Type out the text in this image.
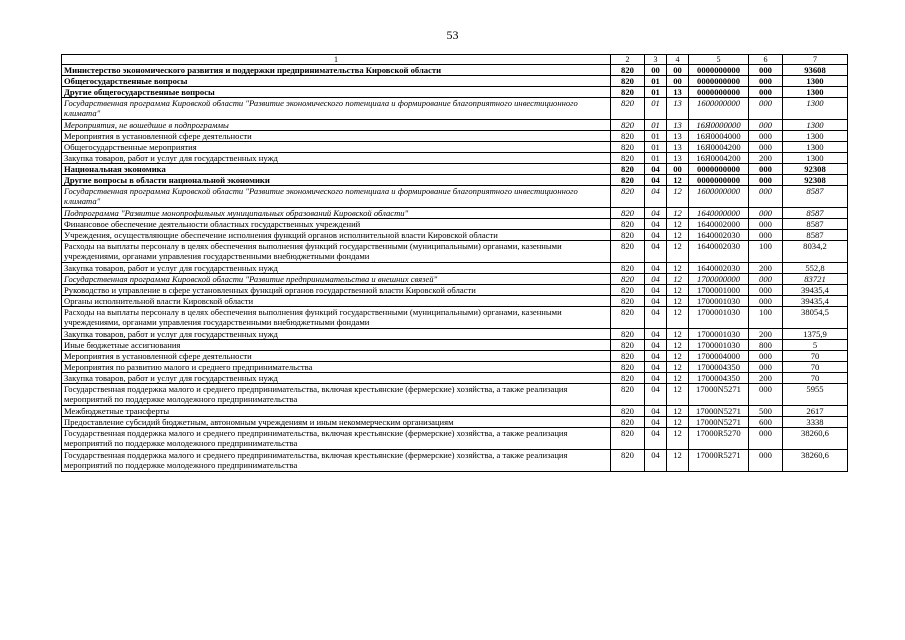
53
1	2	3	4	5	6	7
Министерство экономического развития и поддержки предпринимательства Кировской области	820	00	00	0000000000	000	93608
Общегосударственные вопросы	820	01	00	0000000000	000	1300
Другие общегосударственные вопросы	820	01	13	0000000000	000	1300
Государственная программа Кировской области "Развитие экономического потенциала и формирование благоприятного инвестиционного климата"	820	01	13	1600000000	000	1300
Мероприятия, не вошедшие в подпрограммы	820	01	13	16Я0000000	000	1300
Мероприятия в установленной сфере деятельности	820	01	13	16Я0004000	000	1300
Общегосударственные мероприятия	820	01	13	16Я0004200	000	1300
Закупка товаров, работ и услуг для государственных нужд	820	01	13	16Я0004200	200	1300
Национальная экономика	820	04	00	0000000000	000	92308
Другие вопросы в области национальной экономики	820	04	12	0000000000	000	92308
Государственная программа Кировской области "Развитие экономического потенциала и формирование благоприятного инвестиционного климата"	820	04	12	1600000000	000	8587
Подпрограмма "Развитие монопрофильных муниципальных образований Кировской области"	820	04	12	1640000000	000	8587
Финансовое обеспечение деятельности областных государственных учреждений	820	04	12	1640002000	000	8587
Учреждения, осуществляющие обеспечение исполнения функций органов исполнительной власти Кировской области	820	04	12	1640002030	000	8587
Расходы на выплаты персоналу в целях обеспечения выполнения функций государственными (муниципальными) органами, казенными учреждениями, органами управления государственными внебюджетными фондами	820	04	12	1640002030	100	8034,2
Закупка товаров, работ и услуг для государственных нужд	820	04	12	1640002030	200	552,8
Государственная программа Кировской области "Развитие предпринимательства и внешних связей"	820	04	12	1700000000	000	83721
Руководство и управление в сфере установленных функций органов государственной власти Кировской области	820	04	12	1700001000	000	39435,4
Органы исполнительной власти Кировской области	820	04	12	1700001030	000	39435,4
Расходы на выплаты персоналу в целях обеспечения выполнения функций государственными (муниципальными) органами, казенными учреждениями, органами управления государственными внебюджетными фондами	820	04	12	1700001030	100	38054,5
Закупка товаров, работ и услуг для государственных нужд	820	04	12	1700001030	200	1375,9
Иные бюджетные ассигнования	820	04	12	1700001030	800	5
Мероприятия в установленной сфере деятельности	820	04	12	1700004000	000	70
Мероприятия по развитию малого и среднего предпринимательства	820	04	12	1700004350	000	70
Закупка товаров, работ и услуг для государственных нужд	820	04	12	1700004350	200	70
Государственная поддержка малого и среднего предпринимательства, включая крестьянские (фермерские) хозяйства, а также реализация мероприятий по поддержке молодежного предпринимательства	820	04	12	17000N5271	000	5955
Межбюджетные трансферты	820	04	12	17000N5271	500	2617
Предоставление субсидий бюджетным, автономным учреждениям и иным некоммерческим организациям	820	04	12	17000N5271	600	3338
Государственная поддержка малого и среднего предпринимательства, включая крестьянские (фермерские) хозяйства, а также реализация мероприятий по поддержке молодежного предпринимательства	820	04	12	17000R5270	000	38260,6
Государственная поддержка малого и среднего предпринимательства, включая крестьянские (фермерские) хозяйства, а также реализация мероприятий по поддержке молодежного предпринимательства	820	04	12	17000R5271	000	38260,6
